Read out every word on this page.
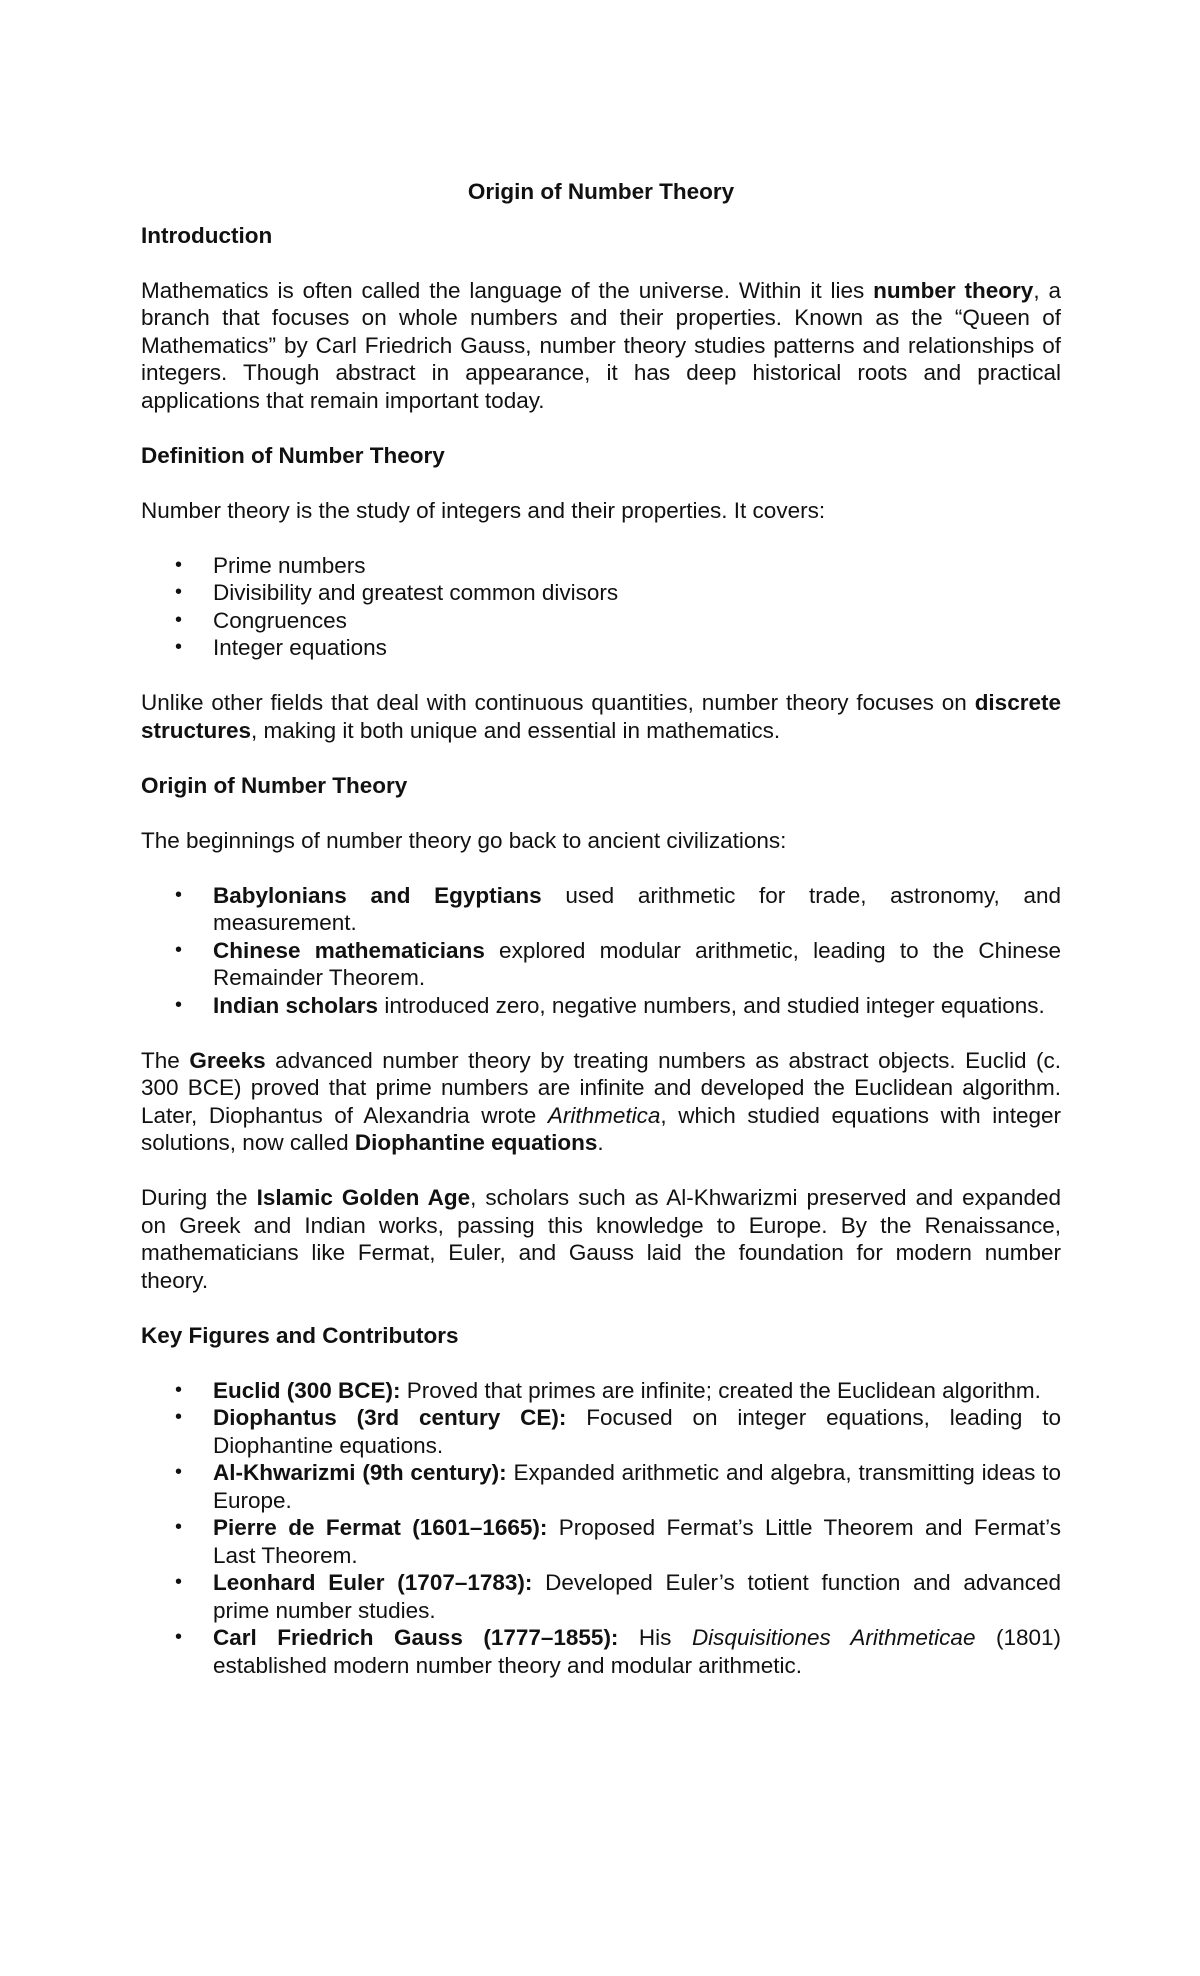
Origin of Number Theory
Introduction

Mathematics is often called the language of the universe. Within it lies number theory, a branch that focuses on whole numbers and their properties. Known as the “Queen of Mathematics” by Carl Friedrich Gauss, number theory studies patterns and relationships of integers. Though abstract in appearance, it has deep historical roots and practical applications that remain important today.

Definition of Number Theory

Number theory is the study of integers and their properties. It covers:

• Prime numbers
• Divisibility and greatest common divisors
• Congruences
• Integer equations

Unlike other fields that deal with continuous quantities, number theory focuses on discrete structures, making it both unique and essential in mathematics.

Origin of Number Theory

The beginnings of number theory go back to ancient civilizations:

• Babylonians and Egyptians used arithmetic for trade, astronomy, and measurement.
• Chinese mathematicians explored modular arithmetic, leading to the Chinese Remainder Theorem.
• Indian scholars introduced zero, negative numbers, and studied integer equations.

The Greeks advanced number theory by treating numbers as abstract objects. Euclid (c. 300 BCE) proved that prime numbers are infinite and developed the Euclidean algorithm. Later, Diophantus of Alexandria wrote Arithmetica, which studied equations with integer solutions, now called Diophantine equations.

During the Islamic Golden Age, scholars such as Al-Khwarizmi preserved and expanded on Greek and Indian works, passing this knowledge to Europe. By the Renaissance, mathematicians like Fermat, Euler, and Gauss laid the foundation for modern number theory.

Key Figures and Contributors
• Euclid (300 BCE): Proved that primes are infinite; created the Euclidean algorithm.
• Diophantus (3rd century CE): Focused on integer equations, leading to Diophantine equations.
• Al-Khwarizmi (9th century): Expanded arithmetic and algebra, transmitting ideas to Europe.
• Pierre de Fermat (1601–1665): Proposed Fermat’s Little Theorem and Fermat’s Last Theorem.
• Leonhard Euler (1707–1783): Developed Euler’s totient function and advanced prime number studies.
• Carl Friedrich Gauss (1777–1855): His Disquisitiones Arithmeticae (1801) established modern number theory and modular arithmetic.
